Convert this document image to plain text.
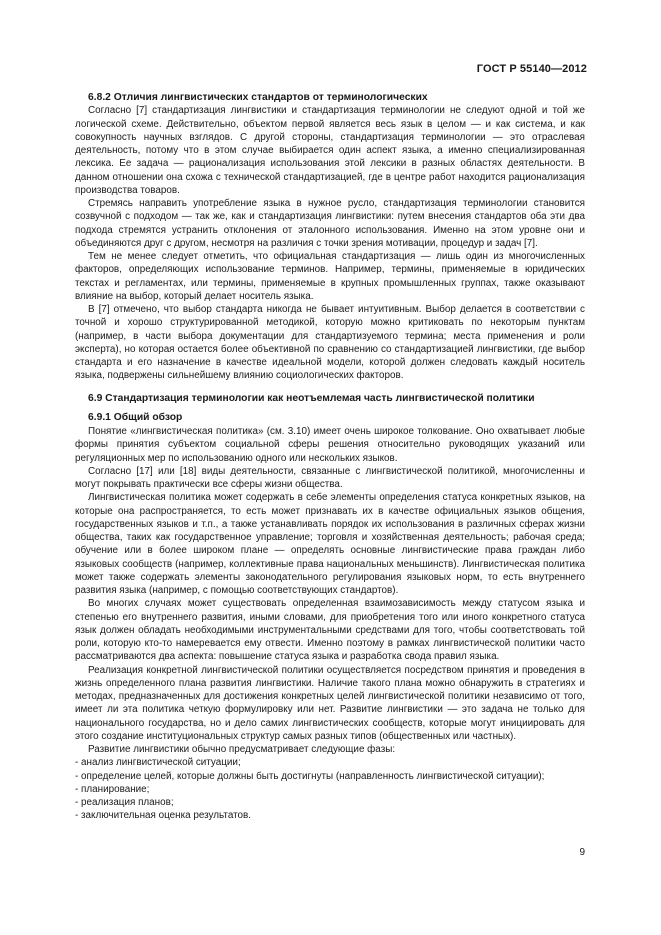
ГОСТ Р 55140—2012
6.8.2 Отличия лингвистических стандартов от терминологических

Согласно [7] стандартизация лингвистики и стандартизация терминологии не следуют одной и той же логической схеме. Действительно, объектом первой является весь язык в целом — и как система, и как совокупность научных взглядов. С другой стороны, стандартизация терминологии — это отраслевая деятельность, потому что в этом случае выбирается один аспект языка, а именно специализированная лексика. Ее задача — рационализация использования этой лексики в разных областях деятельности. В данном отношении она схожа с технической стандартизацией, где в центре работ находится рационализация производства товаров.

Стремясь направить употребление языка в нужное русло, стандартизация терминологии становится созвучной с подходом — так же, как и стандартизация лингвистики: путем внесения стандартов оба эти два подхода стремятся устранить отклонения от эталонного использования. Именно на этом уровне они и объединяются друг с другом, несмотря на различия с точки зрения мотивации, процедур и задач [7].

Тем не менее следует отметить, что официальная стандартизация — лишь один из многочисленных факторов, определяющих использование терминов. Например, термины, применяемые в юридических текстах и регламентах, или термины, применяемые в крупных промышленных группах, также оказывают влияние на выбор, который делает носитель языка.

В [7] отмечено, что выбор стандарта никогда не бывает интуитивным. Выбор делается в соответствии с точной и хорошо структурированной методикой, которую можно критиковать по некоторым пунктам (например, в части выбора документации для стандартизуемого термина; места применения и роли эксперта), но которая остается более объективной по сравнению со стандартизацией лингвистики, где выбор стандарта и его назначение в качестве идеальной модели, которой должен следовать каждый носитель языка, подвержены сильнейшему влиянию социологических факторов.

6.9 Стандартизация терминологии как неотъемлемая часть лингвистической политики
6.9.1 Общий обзор

Понятие «лингвистическая политика» (см. 3.10) имеет очень широкое толкование. Оно охватывает любые формы принятия субъектом социальной сферы решения относительно руководящих указаний или регуляционных мер по использованию одного или нескольких языков.

Согласно [17] или [18] виды деятельности, связанные с лингвистической политикой, многочисленны и могут покрывать практически все сферы жизни общества.

Лингвистическая политика может содержать в себе элементы определения статуса конкретных языков, на которые она распространяется, то есть может признавать их в качестве официальных языков общения, государственных языков и т.п., а также устанавливать порядок их использования в различных сферах жизни общества, таких как государственное управление; торговля и хозяйственная деятельность; рабочая среда; обучение или в более широком плане — определять основные лингвистические права граждан либо языковых сообществ (например, коллективные права национальных меньшинств). Лингвистическая политика может также содержать элементы законодательного регулирования языковых норм, то есть внутреннего развития языка (например, с помощью соответствующих стандартов).

Во многих случаях может существовать определенная взаимозависимость между статусом языка и степенью его внутреннего развития, иными словами, для приобретения того или иного конкретного статуса язык должен обладать необходимыми инструментальными средствами для того, чтобы соответствовать той роли, которую кто-то намеревается ему отвести. Именно поэтому в рамках лингвистической политики часто рассматриваются два аспекта: повышение статуса языка и разработка свода правил языка.

Реализация конкретной лингвистической политики осуществляется посредством принятия и проведения в жизнь определенного плана развития лингвистики. Наличие такого плана можно обнаружить в стратегиях и методах, предназначенных для достижения конкретных целей лингвистической политики независимо от того, имеет ли эта политика четкую формулировку или нет. Развитие лингвистики — это задача не только для национального государства, но и дело самих лингвистических сообществ, которые могут инициировать для этого создание институциональных структур самых разных типов (общественных или частных).

Развитие лингвистики обычно предусматривает следующие фазы:

- анализ лингвистической ситуации;

- определение целей, которые должны быть достигнуты (направленность лингвистической ситуации);

- планирование;

- реализация планов;

- заключительная оценка результатов.

9
